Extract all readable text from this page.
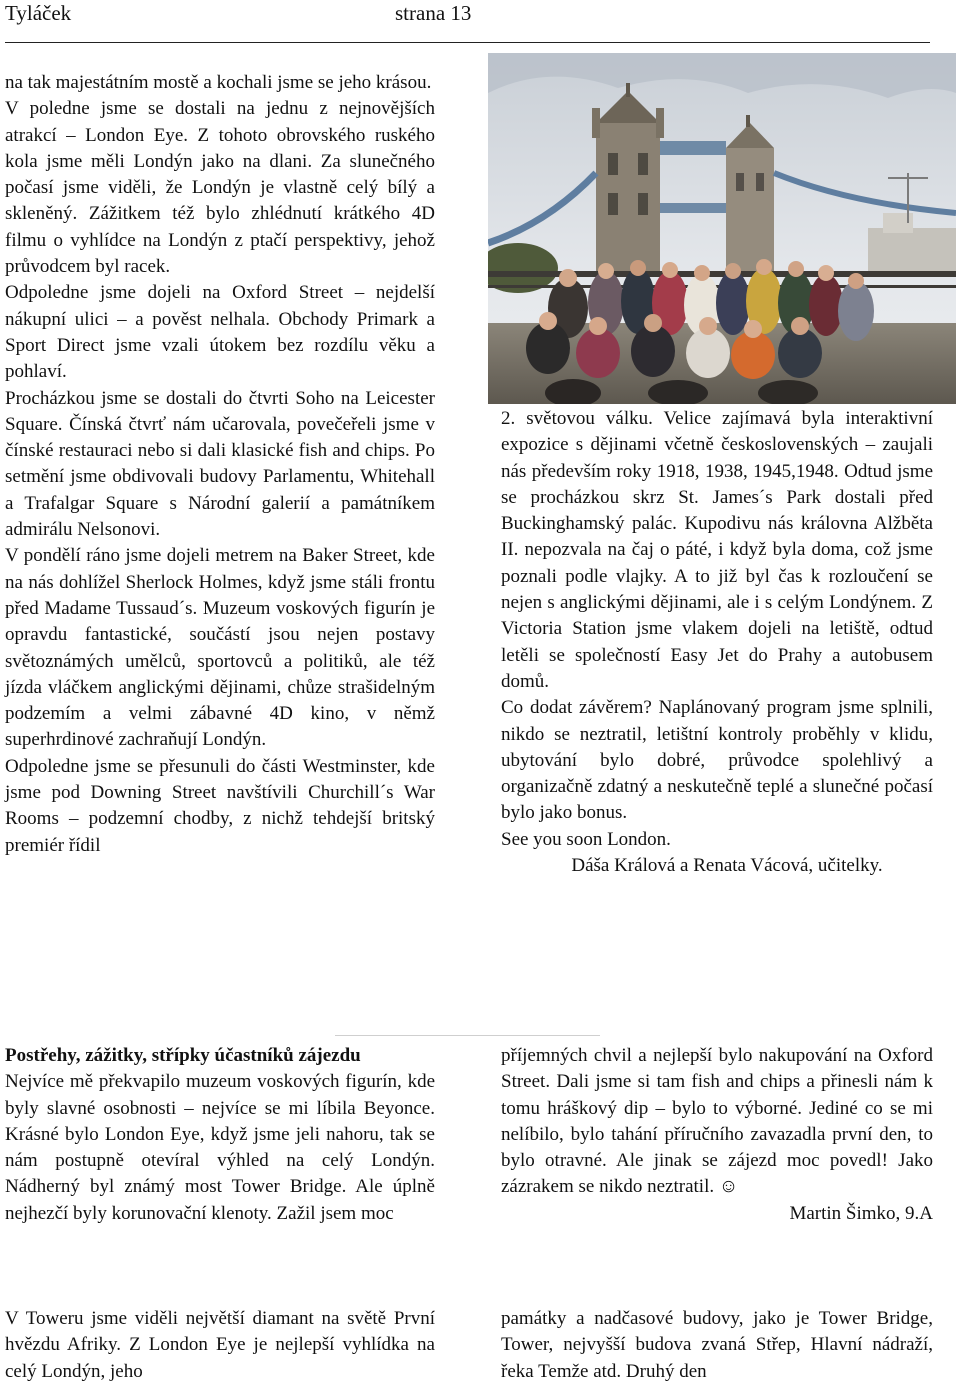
Tyláček	strana 13

na tak majestátním mostě a kochali jsme se jeho krásou.

V poledne jsme se dostali na jednu z nejnovějších atrakcí – London Eye. Z tohoto obrovského ruského kola jsme měli Londýn jako na dlani. Za slunečného počasí jsme viděli, že Londýn je vlastně celý bílý a skleněný. Zážitkem též bylo zhlédnutí krátkého 4D filmu o vyhlídce na Londýn z ptačí perspektivy, jehož průvodcem byl racek.

Odpoledne jsme dojeli na Oxford Street – nejdelší nákupní ulici – a pověst nelhala. Obchody Primark a Sport Direct jsme vzali útokem bez rozdílu věku a pohlaví.

Procházkou jsme se dostali do čtvrti Soho na Leicester Square. Čínská čtvrť nám učarovala, povečeřeli jsme v čínské restauraci nebo si dali klasické fish and chips. Po setmění jsme obdivovali budovy Parlamentu, Whitehall a Trafalgar Square s Národní galerií a památníkem admirálu Nelsonovi.

V pondělí ráno jsme dojeli metrem na Baker Street, kde na nás dohlížel Sherlock Holmes, když jsme stáli frontu před Madame Tussaud´s. Muzeum voskových figurín je opravdu fantastické, součástí jsou nejen postavy světoznámých umělců, sportovců a politiků, ale též jízda vláčkem anglickými dějinami, chůze strašidelným podzemím a velmi zábavné 4D kino, v němž superhrdinové zachraňují Londýn.

Odpoledne jsme se přesunuli do části Westminster, kde jsme pod Downing Street navštívili Churchill´s War Rooms – podzemní chodby, z nichž tehdejší britský premiér řídil

2. světovou válku. Velice zajímavá byla interaktivní expozice s dějinami včetně československých – zaujali nás především roky 1918, 1938, 1945,1948. Odtud jsme se procházkou skrz St. James´s Park dostali před Buckinghamský palác. Kupodivu nás královna Alžběta II. nepozvala na čaj o páté, i když byla doma, což jsme poznali podle vlajky. A to již byl čas k rozloučení se nejen s anglickými dějinami, ale i s celým Londýnem. Z Victoria Station jsme vlakem dojeli na letiště, odtud letěli se společností Easy Jet do Prahy a autobusem domů.

Co dodat závěrem? Naplánovaný program jsme splnili, nikdo se neztratil, letištní kontroly proběhly v klidu, ubytování bylo dobré, průvodce spolehlivý a organizačně zdatný a neskutečně teplé a slunečné počasí bylo jako bonus.

See you soon London.

Dáša Králová a Renata Vácová, učitelky.

Postřehy, zážitky, střípky účastníků zájezdu

Nejvíce mě překvapilo muzeum voskových figurín, kde byly slavné osobnosti – nejvíce se mi líbila Beyonce. Krásné bylo London Eye, když jsme jeli nahoru, tak se nám postupně otevíral výhled na celý Londýn. Nádherný byl známý most Tower Bridge. Ale úplně nejhezčí byly korunovační klenoty. Zažil jsem moc

příjemných chvil a nejlepší bylo nakupování na Oxford Street. Dali jsme si tam fish and chips a přinesli nám k tomu hráškový dip – bylo to výborné. Jediné co se mi nelíbilo, bylo tahání příručního zavazadla první den, to bylo otravné. Ale jinak se zájezd moc povedl! Jako zázrakem se nikdo neztratil. ☺

Martin Šimko, 9.A

V Toweru jsme viděli největší diamant na světě První hvězdu Afriky. Z London Eye je nejlepší vyhlídka na celý Londýn, jeho

památky a nadčasové budovy, jako je Tower Bridge, Tower, nejvyšší budova zvaná Střep, Hlavní nádraží, řeka Temže atd. Druhý den
